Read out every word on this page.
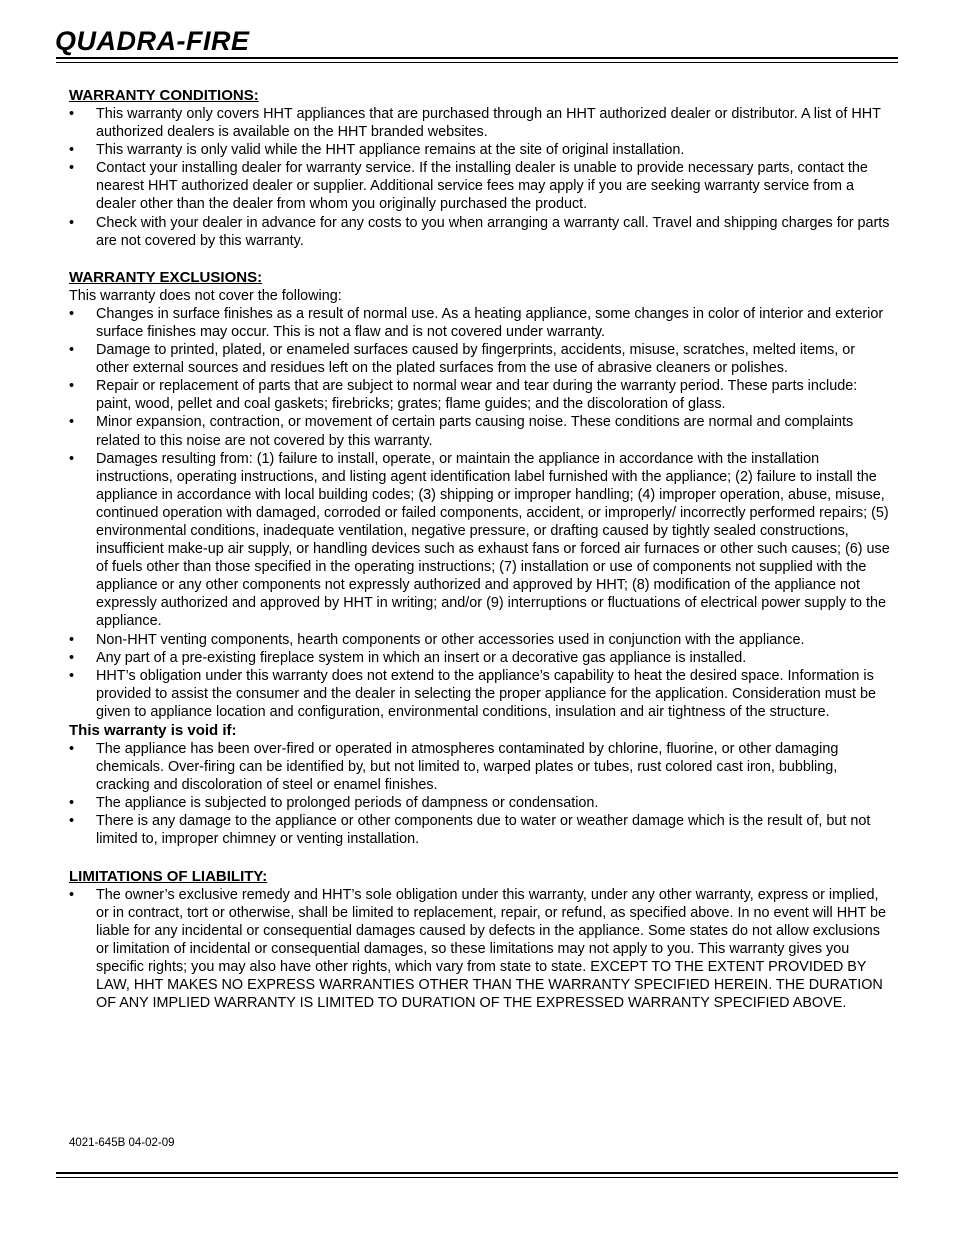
QUADRA-FIRE

WARRANTY CONDITIONS:

• This warranty only covers HHT appliances that are purchased through an HHT authorized dealer or distributor. A list of HHT authorized dealers is available on the HHT branded websites.
• This warranty is only valid while the HHT appliance remains at the site of original installation.
• Contact your installing dealer for warranty service. If the installing dealer is unable to provide necessary parts, contact the nearest HHT authorized dealer or supplier. Additional service fees may apply if you are seeking warranty service from a dealer other than the dealer from whom you originally purchased the product.
• Check with your dealer in advance for any costs to you when arranging a warranty call. Travel and shipping charges for parts are not covered by this warranty.

WARRANTY EXCLUSIONS:

This warranty does not cover the following:

• Changes in surface finishes as a result of normal use. As a heating appliance, some changes in color of interior and exterior surface finishes may occur. This is not a flaw and is not covered under warranty.
• Damage to printed, plated, or enameled surfaces caused by fingerprints, accidents, misuse, scratches, melted items, or other external sources and residues left on the plated surfaces from the use of abrasive cleaners or polishes.
• Repair or replacement of parts that are subject to normal wear and tear during the warranty period. These parts include: paint, wood, pellet and coal gaskets; firebricks; grates; flame guides; and the discoloration of glass.
• Minor expansion, contraction, or movement of certain parts causing noise. These conditions are normal and complaints related to this noise are not covered by this warranty.
• Damages resulting from: (1) failure to install, operate, or maintain the appliance in accordance with the installation instructions, operating instructions, and listing agent identification label furnished with the appliance; (2) failure to install the appliance in accordance with local building codes; (3) shipping or improper handling; (4) improper operation, abuse, misuse, continued operation with damaged, corroded or failed components, accident, or improperly/ incorrectly performed repairs; (5) environmental conditions, inadequate ventilation, negative pressure, or drafting caused by tightly sealed constructions, insufficient make-up air supply, or handling devices such as exhaust fans or forced air furnaces or other such causes; (6) use of fuels other than those specified in the operating instructions; (7) installation or use of components not supplied with the appliance or any other components not expressly authorized and approved by HHT; (8) modification of the appliance not expressly authorized and approved by HHT in writing; and/or (9) interruptions or fluctuations of electrical power supply to the appliance.
• Non-HHT venting components, hearth components or other accessories used in conjunction with the appliance.
• Any part of a pre-existing fireplace system in which an insert or a decorative gas appliance is installed.
• HHT’s obligation under this warranty does not extend to the appliance’s capability to heat the desired space. Information is provided to assist the consumer and the dealer in selecting the proper appliance for the application. Consideration must be given to appliance location and configuration, environmental conditions, insulation and air tightness of the structure.

This warranty is void if:

• The appliance has been over-fired or operated in atmospheres contaminated by chlorine, fluorine, or other damaging chemicals. Over-firing can be identified by, but not limited to, warped plates or tubes, rust colored cast iron, bubbling, cracking and discoloration of steel or enamel finishes.
• The appliance is subjected to prolonged periods of dampness or condensation.
• There is any damage to the appliance or other components due to water or weather damage which is the result of, but not limited to, improper chimney or venting installation.

LIMITATIONS OF LIABILITY:

• The owner’s exclusive remedy and HHT’s sole obligation under this warranty, under any other warranty, express or implied, or in contract, tort or otherwise, shall be limited to replacement, repair, or refund, as specified above. In no event will HHT be liable for any incidental or consequential damages caused by defects in the appliance. Some states do not allow exclusions or limitation of incidental or consequential damages, so these limitations may not apply to you. This warranty gives you specific rights; you may also have other rights, which vary from state to state. EXCEPT TO THE EXTENT PROVIDED BY LAW, HHT MAKES NO EXPRESS WARRANTIES OTHER THAN THE WARRANTY SPECIFIED HEREIN. THE DURATION OF ANY IMPLIED WARRANTY IS LIMITED TO DURATION OF THE EXPRESSED WARRANTY SPECIFIED ABOVE.
4021-645B 04-02-09
